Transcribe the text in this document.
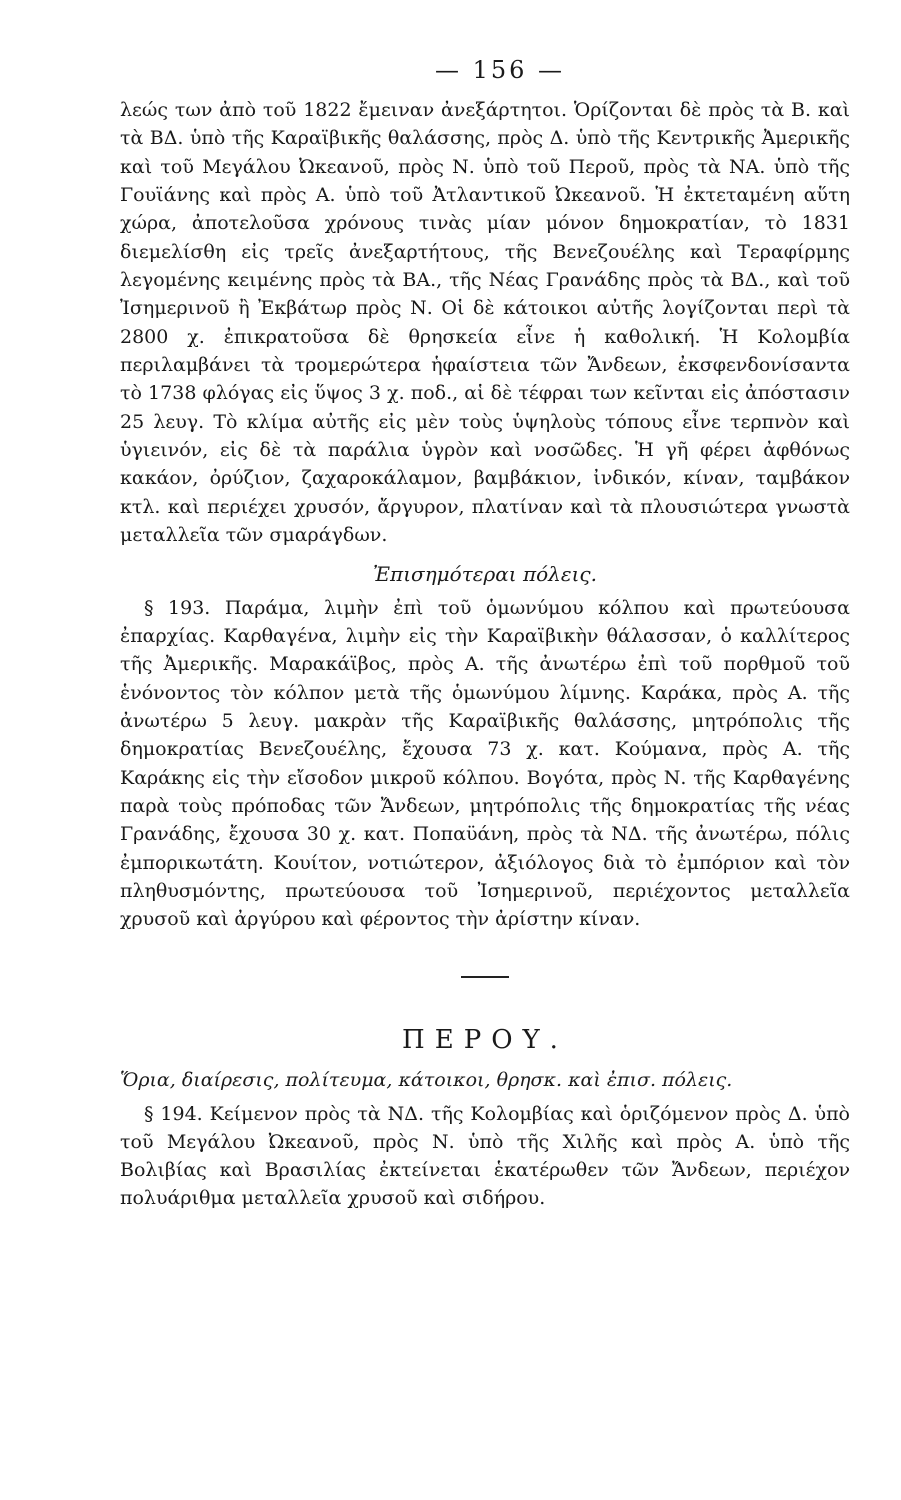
— 156 —

λεώς των ἀπὸ τοῦ 1822 ἔμειναν ἀνεξάρτητοι. Ὁρίζονται δὲ πρὸς τὰ Β. καὶ τὰ ΒΔ. ὑπὸ τῆς Καραϊβικῆς θαλάσσης, πρὸς Δ. ὑπὸ τῆς Κεντρικῆς Ἀμερικῆς καὶ τοῦ Μεγάλου Ὠκεανοῦ, πρὸς Ν. ὑπὸ τοῦ Περοῦ, πρὸς τὰ ΝΑ. ὑπὸ τῆς Γουϊάνης καὶ πρὸς Α. ὑπὸ τοῦ Ἀτλαντικοῦ Ὠκεανοῦ. Ἡ ἐκτεταμένη αὕτη χώρα, ἀποτελοῦσα χρόνους τινὰς μίαν μόνον δημοκρατίαν, τὸ 1831 διεμελίσθη εἰς τρεῖς ἀνεξαρτήτους, τῆς Βενεζουέλης καὶ Τεραφίρμης λεγομένης κειμένης πρὸς τὰ ΒΑ., τῆς Νέας Γρανάδης πρὸς τὰ ΒΔ., καὶ τοῦ Ἰσημερινοῦ ἢ Ἐκβάτωρ πρὸς Ν. Οἱ δὲ κάτοικοι αὐτῆς λογίζονται περὶ τὰ 2800 χ. ἐπικρατοῦσα δὲ θρησκεία εἶνε ἡ καθολική. Ἡ Κολομβία περιλαμβάνει τὰ τρομερώτερα ἡφαίστεια τῶν Ἄνδεων, ἐκσφενδονίσαντα τὸ 1738 φλόγας εἰς ὕψος 3 χ. ποδ., αἱ δὲ τέφραι των κεῖνται εἰς ἀπόστασιν 25 λευγ. Τὸ κλίμα αὐτῆς εἰς μὲν τοὺς ὑψηλοὺς τόπους εἶνε τερπνὸν καὶ ὑγιεινόν, εἰς δὲ τὰ παράλια ὑγρὸν καὶ νοσῶδες. Ἡ γῆ φέρει ἀφθόνως κακάον, ὀρύζιον, ζαχαροκάλαμον, βαμβάκιον, ἰνδικόν, κίναν, ταμβάκον κτλ. καὶ περιέχει χρυσόν, ἄργυρον, πλατίναν καὶ τὰ πλουσιώτερα γνωστὰ μεταλλεῖα τῶν σμαράγδων.

Ἐπισημότεραι πόλεις.

§ 193. Παράμα, λιμὴν ἐπὶ τοῦ ὁμωνύμου κόλπου καὶ πρωτεύουσα ἐπαρχίας. Καρθαγένα, λιμὴν εἰς τὴν Καραϊβικὴν θάλασσαν, ὁ καλλίτερος τῆς Ἀμερικῆς. Μαρακάϊβος, πρὸς Α. τῆς ἀνωτέρω ἐπὶ τοῦ πορθμοῦ τοῦ ἑνόνοντος τὸν κόλπον μετὰ τῆς ὁμωνύμου λίμνης. Καράκα, πρὸς Α. τῆς ἀνωτέρω 5 λευγ. μακρὰν τῆς Καραϊβικῆς θαλάσσης, μητρόπολις τῆς δημοκρατίας Βενεζουέλης, ἔχουσα 73 χ. κατ. Κούμανα, πρὸς Α. τῆς Καράκης εἰς τὴν εἴσοδον μικροῦ κόλπου. Βογότα, πρὸς Ν. τῆς Καρθαγένης παρὰ τοὺς πρόποδας τῶν Ἄνδεων, μητρόπολις τῆς δημοκρατίας τῆς νέας Γρανάδης, ἔχουσα 30 χ. κατ. Ποπαϋάνη, πρὸς τὰ ΝΔ. τῆς ἀνωτέρω, πόλις ἐμπορικωτάτη. Κουίτον, νοτιώτερον, ἀξιόλογος διὰ τὸ ἐμπόριον καὶ τὸν πληθυσμόντης, πρωτεύουσα τοῦ Ἰσημερινοῦ, περιέχοντος μεταλλεῖα χρυσοῦ καὶ ἀργύρου καὶ φέροντος τὴν ἀρίστην κίναν.

ΠΕΡΟΥ.
Ὅρια, διαίρεσις, πολίτευμα, κάτοικοι, θρησκ. καὶ ἐπισ. πόλεις.

§ 194. Κείμενον πρὸς τὰ ΝΔ. τῆς Κολομβίας καὶ ὁριζόμενον πρὸς Δ. ὑπὸ τοῦ Μεγάλου Ὠκεανοῦ, πρὸς Ν. ὑπὸ τῆς Χιλῆς καὶ πρὸς Α. ὑπὸ τῆς Βολιβίας καὶ Βρασιλίας ἐκτείνεται ἑκατέρωθεν τῶν Ἄνδεων, περιέχον πολυάριθμα μεταλλεῖα χρυσοῦ καὶ σιδήρου.
